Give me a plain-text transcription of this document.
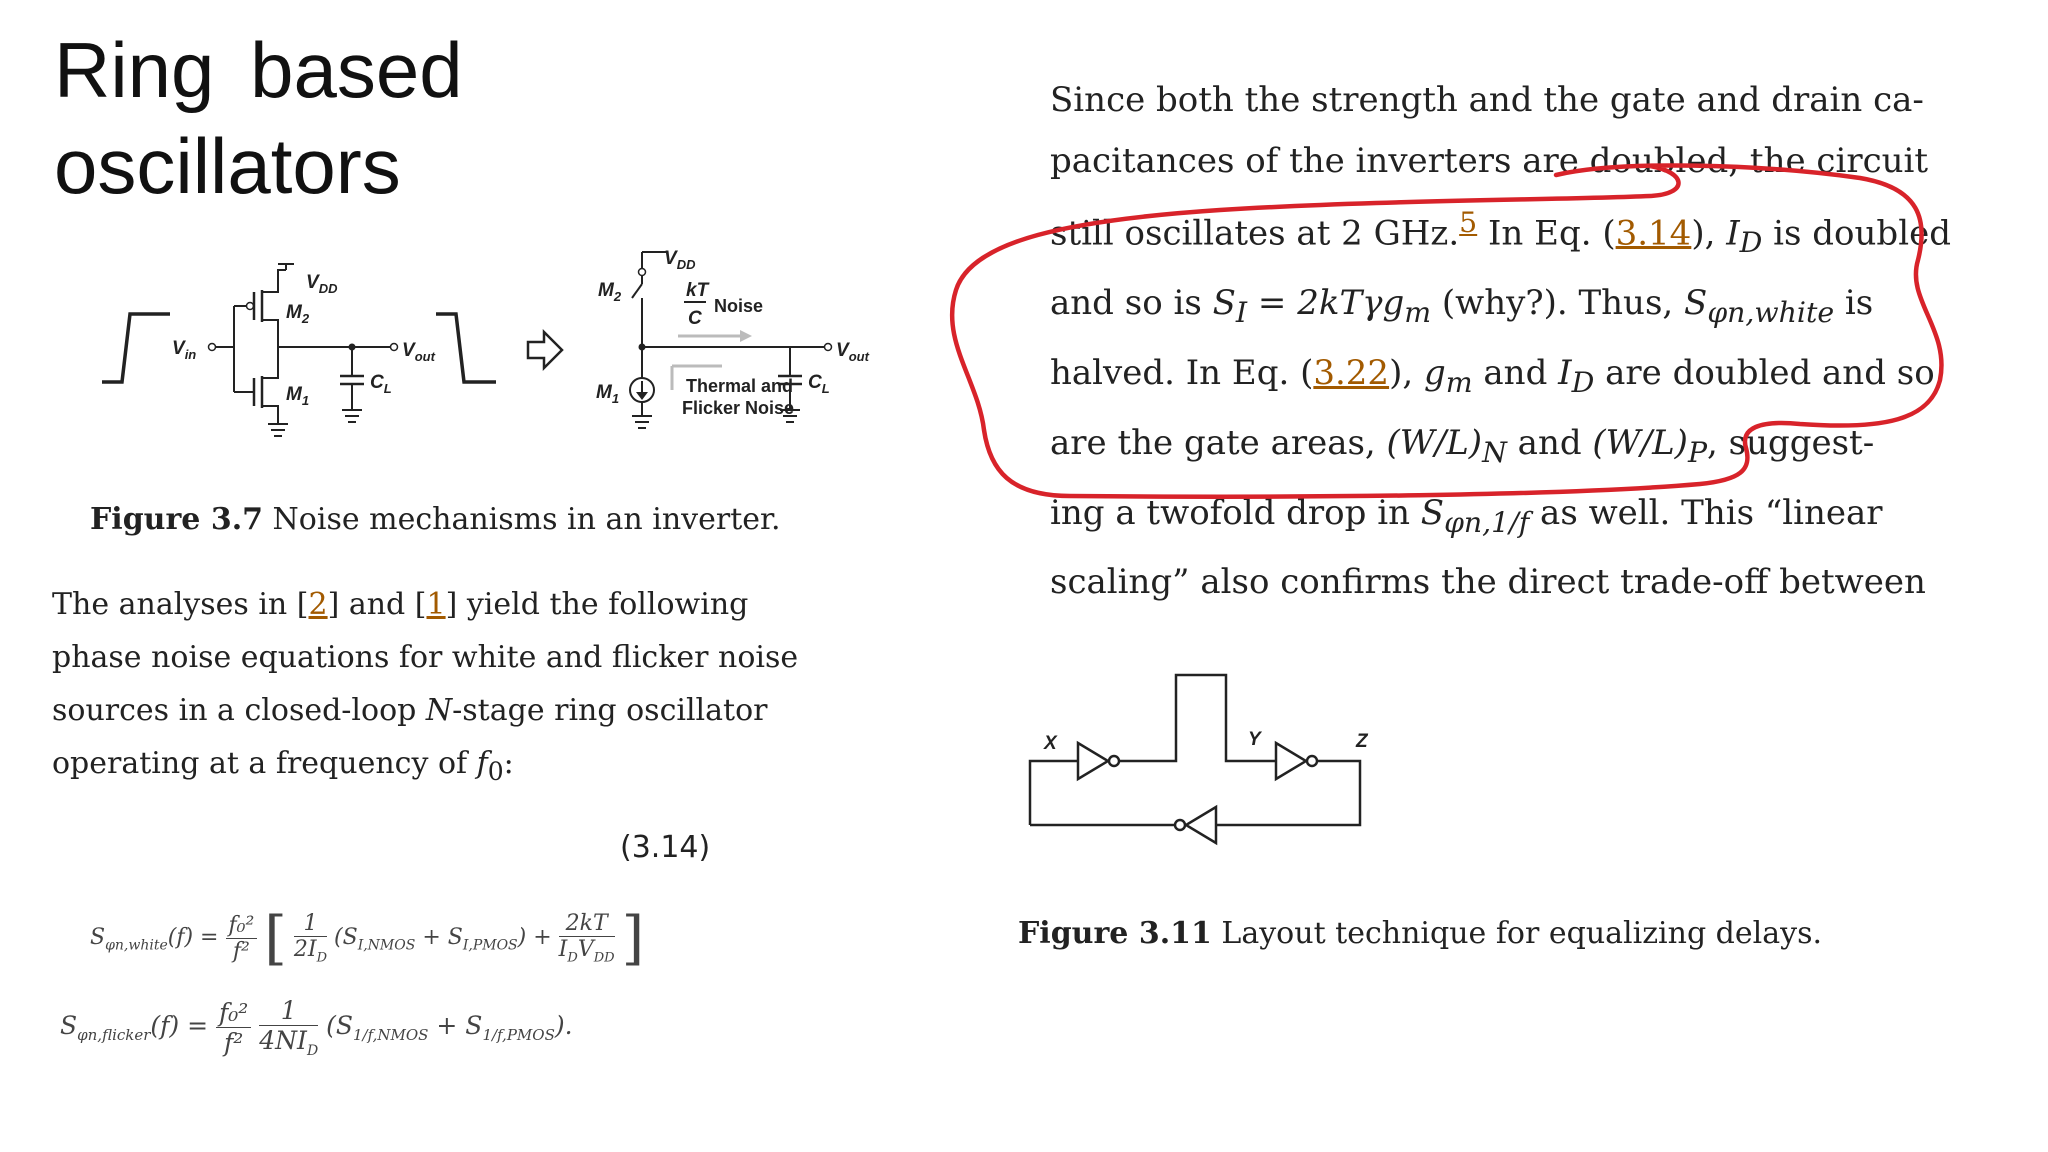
Ring based
oscillators
$V_{in}$
$V_{DD}$
$M_2$
$M_1$
$V_{out}$
$C_L$
$V_{DD}$
$M_2$	kT
C
Noise
$V_{out}$
$M_1$
Thermal and
Flicker Noise
$C_L$

Figure 3.7 Noise mechanisms in an inverter.

The analyses in [2] and [1] yield the following phase noise equations for white and flicker noise sources in a closed-loop N-stage ring oscillator operating at a frequency of $f_0$:

(3.14)
$S_{\varphi n,white}(f) = \frac{\text{f₀²}}{\text{f²}}$ [ $\frac{1}{2I_D} (S_{I,NMOS} + S_{I,PMOS}) + \frac{2kT}{I_DV_{DD}}$ ]
$S_{\varphi n,flicker}(f) = \frac{\text{f₀²}}{\text{f²}}$
$\frac{1}{4NI_D} (S_{1/f,NMOS} + S_{1/f,PMOS})$.
Since both the strength and the gate and drain ca-
pacitances of the inverters are doubled, the circuit
still oscillates at 2 GHz.$^5$ In Eq. (3.14), $I_D$ is doubled
and so is $S_I = 2kT\gamma g_m$ (why?). Thus, $S_{\varphi n,white}$ is
halved. In Eq. (3.22), $g_m$ and $I_D$ are doubled and so
are the gate areas, $(W/L)_N$ and $(W/L)_P$, suggest-
ing a twofold drop in $S_{\varphi n,1/f}$ as well. This “linear
scaling” also confirms the direct trade-off between
X	Y	Z

Figure 3.11 Layout technique for equalizing delays.
